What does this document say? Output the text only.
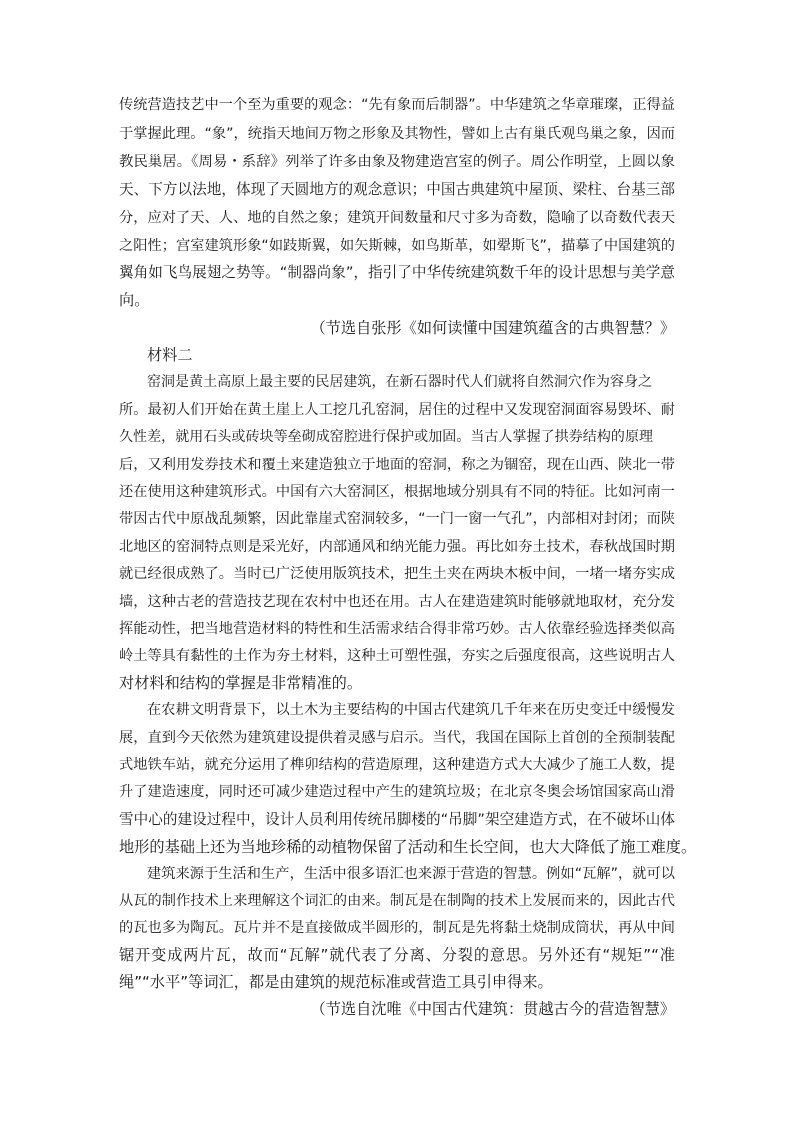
传统营造技艺中一个至为重要的观念：“先有象而后制器”。中华建筑之华章璀璨，正得益
于掌握此理。“象”，统指天地间万物之形象及其物性，譬如上古有巢氏观鸟巢之象，因而
教民巢居。《周易・系辞》列举了许多由象及物建造宫室的例子。周公作明堂，上圆以象
天、下方以法地，体现了天圆地方的观念意识；中国古典建筑中屋顶、梁柱、台基三部
分，应对了天、人、地的自然之象；建筑开间数量和尺寸多为奇数，隐喻了以奇数代表天
之阳性；宫室建筑形象“如跂斯翼，如矢斯棘，如鸟斯革，如翚斯飞”，描摹了中国建筑的
翼角如飞鸟展翅之势等。“制器尚象”，指引了中华传统建筑数千年的设计思想与美学意
向。
（节选自张彤《如何读懂中国建筑蕴含的古典智慧？》
材料二
窑洞是黄土高原上最主要的民居建筑，在新石器时代人们就将自然洞穴作为容身之
所。最初人们开始在黄土崖上人工挖几孔窑洞，居住的过程中又发现窑洞面容易毁坏、耐
久性差，就用石头或砖块等垒砌成窑腔进行保护或加固。当古人掌握了拱券结构的原理
后，又利用发券技术和覆土来建造独立于地面的窑洞，称之为锢窑，现在山西、陕北一带
还在使用这种建筑形式。中国有六大窑洞区，根据地域分别具有不同的特征。比如河南一
带因古代中原战乱频繁，因此靠崖式窑洞较多，“一门一窗一气孔”，内部相对封闭；而陕
北地区的窑洞特点则是采光好，内部通风和纳光能力强。再比如夯土技术，春秋战国时期
就已经很成熟了。当时已广泛使用版筑技术，把生土夹在两块木板中间，一堵一堵夯实成
墙，这种古老的营造技艺现在农村中也还在用。古人在建造建筑时能够就地取材，充分发
挥能动性，把当地营造材料的特性和生活需求结合得非常巧妙。古人依靠经验选择类似高
岭土等具有黏性的土作为夯土材料，这种土可塑性强，夯实之后强度很高，这些说明古人
对材料和结构的掌握是非常精准的。
在农耕文明背景下，以土木为主要结构的中国古代建筑几千年来在历史变迁中缓慢发
展，直到今天依然为建筑建设提供着灵感与启示。当代，我国在国际上首创的全预制装配
式地铁车站，就充分运用了榫卯结构的营造原理，这种建造方式大大减少了施工人数，提
升了建造速度，同时还可减少建造过程中产生的建筑垃圾；在北京冬奥会场馆国家高山滑
雪中心的建设过程中，设计人员利用传统吊脚楼的“吊脚”架空建造方式，在不破坏山体
地形的基础上还为当地珍稀的动植物保留了活动和生长空间，也大大降低了施工难度。
建筑来源于生活和生产，生活中很多语汇也来源于营造的智慧。例如“瓦解”，就可以
从瓦的制作技术上来理解这个词汇的由来。制瓦是在制陶的技术上发展而来的，因此古代
的瓦也多为陶瓦。瓦片并不是直接做成半圆形的，制瓦是先将黏土烧制成筒状，再从中间
锯开变成两片瓦，故而“瓦解”就代表了分离、分裂的意思。另外还有“规矩”“准
绳”“水平”等词汇，都是由建筑的规范标准或营造工具引申得来。
（节选自沈唯《中国古代建筑：贯越古今的营造智慧》
